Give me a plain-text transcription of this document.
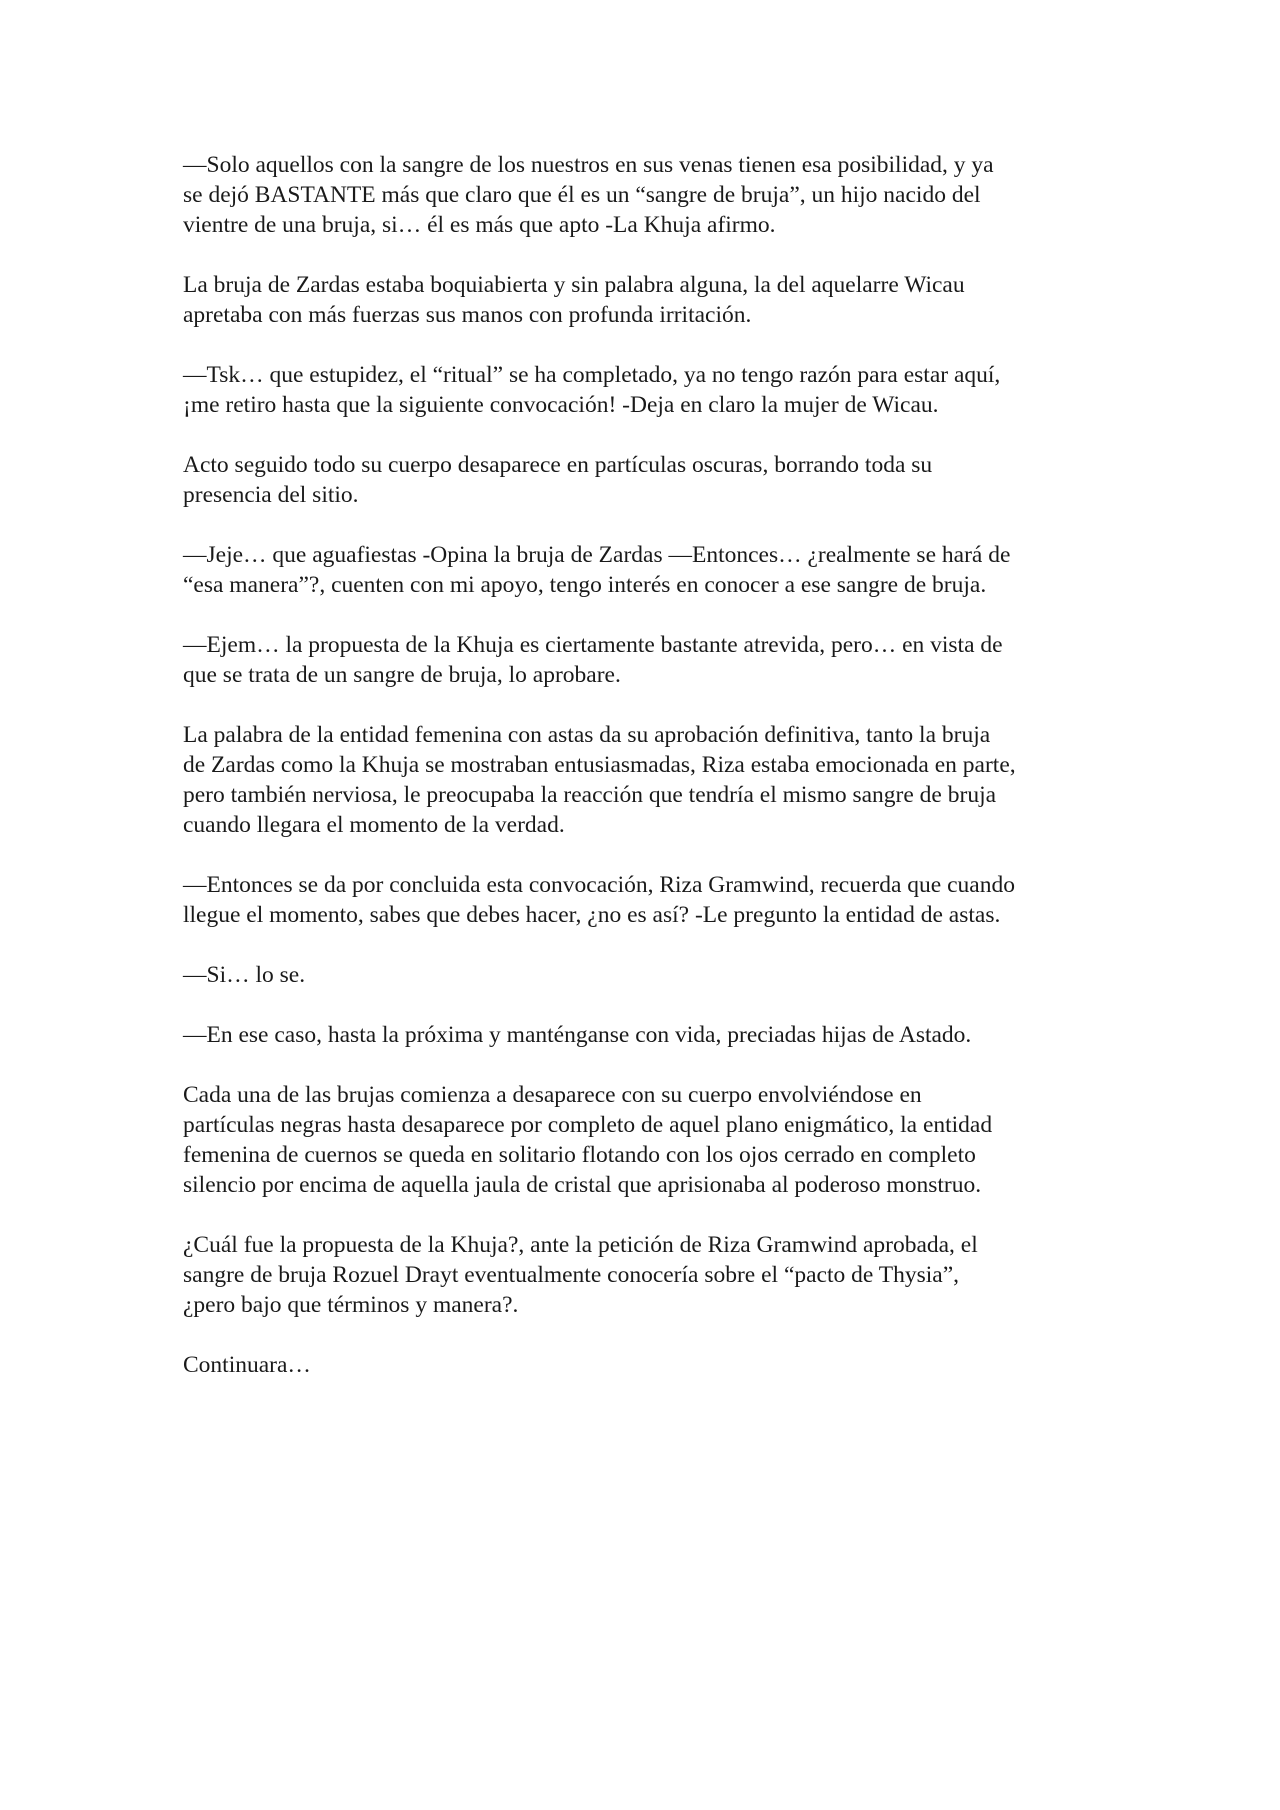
—Solo aquellos con la sangre de los nuestros en sus venas tienen esa posibilidad, y ya
se dejó BASTANTE más que claro que él es un “sangre de bruja”, un hijo nacido del
vientre de una bruja, si… él es más que apto -La Khuja afirmo.

La bruja de Zardas estaba boquiabierta y sin palabra alguna, la del aquelarre Wicau
apretaba con más fuerzas sus manos con profunda irritación.

—Tsk… que estupidez, el “ritual” se ha completado, ya no tengo razón para estar aquí,
¡me retiro hasta que la siguiente convocación! -Deja en claro la mujer de Wicau.

Acto seguido todo su cuerpo desaparece en partículas oscuras, borrando toda su
presencia del sitio.

—Jeje… que aguafiestas -Opina la bruja de Zardas —Entonces… ¿realmente se hará de
“esa manera”?, cuenten con mi apoyo, tengo interés en conocer a ese sangre de bruja.

—Ejem… la propuesta de la Khuja es ciertamente bastante atrevida, pero… en vista de
que se trata de un sangre de bruja, lo aprobare.

La palabra de la entidad femenina con astas da su aprobación definitiva, tanto la bruja
de Zardas como la Khuja se mostraban entusiasmadas, Riza estaba emocionada en parte,
pero también nerviosa, le preocupaba la reacción que tendría el mismo sangre de bruja
cuando llegara el momento de la verdad.

—Entonces se da por concluida esta convocación, Riza Gramwind, recuerda que cuando
llegue el momento, sabes que debes hacer, ¿no es así? -Le pregunto la entidad de astas.

—Si… lo se.

—En ese caso, hasta la próxima y manténganse con vida, preciadas hijas de Astado.

Cada una de las brujas comienza a desaparece con su cuerpo envolviéndose en
partículas negras hasta desaparece por completo de aquel plano enigmático, la entidad
femenina de cuernos se queda en solitario flotando con los ojos cerrado en completo
silencio por encima de aquella jaula de cristal que aprisionaba al poderoso monstruo.

¿Cuál fue la propuesta de la Khuja?, ante la petición de Riza Gramwind aprobada, el
sangre de bruja Rozuel Drayt eventualmente conocería sobre el “pacto de Thysia”,
¿pero bajo que términos y manera?.

Continuara…
